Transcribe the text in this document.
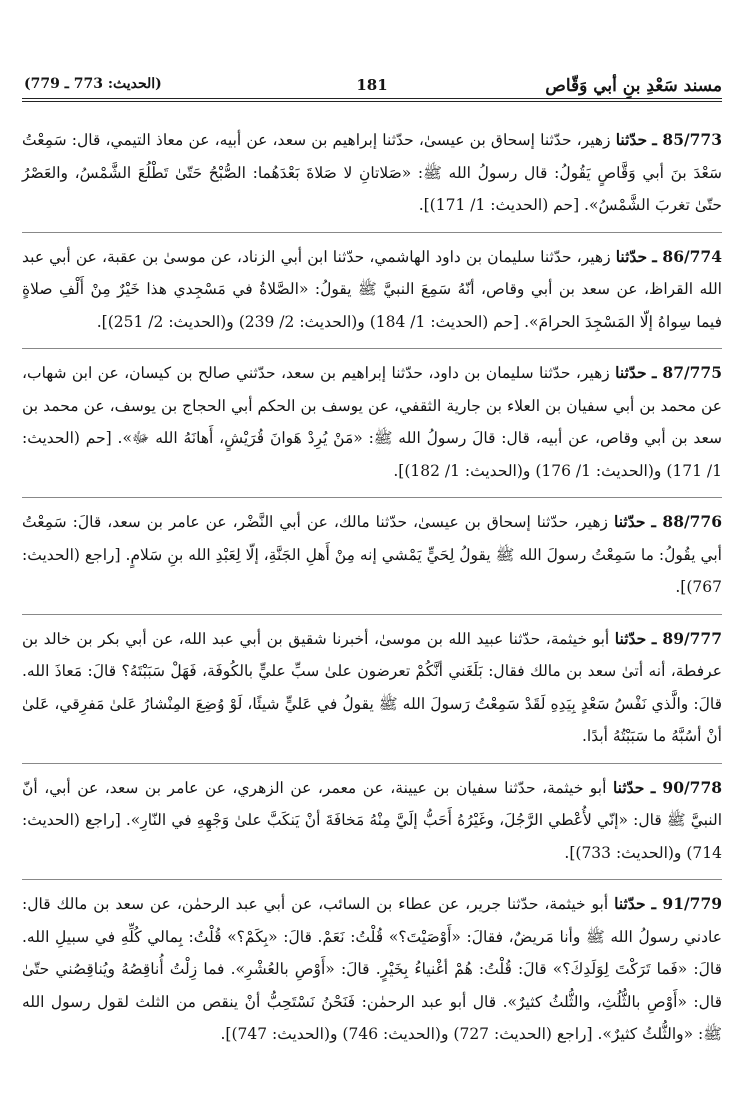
مسند سَعْدِ بنِ أبي وَقّاص
181
(الحديث: 773 ـ 779)

85/773 ـ حدّثنا زهير، حدّثنا إسحاق بن عيسىٰ، حدّثنا إبراهيم بن سعد، عن أبيه، عن معاذ التيمي، قال: سَمِعْتُ سَعْدَ بنَ أبي وَقَّاصٍ يَقُولُ: قال رسولُ الله ﷺ: «صَلاتانِ لا صَلاةَ بَعْدَهُما: الصُّبْحُ حَتّىٰ تَطْلُعَ الشَّمْسُ، والعَصْرُ حتّىٰ تغربَ الشَّمْسُ». [حم (الحديث: 1/ 171)].

86/774 ـ حدّثنا زهير، حدّثنا سليمان بن داود الهاشمي، حدّثنا ابن أبي الزناد، عن موسىٰ بن عقبة، عن أبي عبد الله القراظ، عن سعد بن أبي وقاص، أنّهُ سَمِعَ النبيَّ ﷺ يقولُ: «الصَّلاةُ في مَسْجِدي هذا خَيْرٌ مِنْ أَلْفِ صلاةٍ فيما سِواهُ إلّا المَسْجِدَ الحرامَ». [حم (الحديث: 1/ 184) و(الحديث: 2/ 239) و(الحديث: 2/ 251)].

87/775 ـ حدّثنا زهير، حدّثنا سليمان بن داود، حدّثنا إبراهيم بن سعد، حدّثني صالح بن كيسان، عن ابن شهاب، عن محمد بن أبي سفيان بن العلاء بن جارية الثقفي، عن يوسف بن الحكم أبي الحجاج بن يوسف، عن محمد بن سعد بن أبي وقاص، عن أبيه، قال: قالَ رسولُ الله ﷺ: «مَنْ يُرِدْ هَوانَ قُرَيْشٍ، أَهانَهُ الله ﷻ». [حم (الحديث: 1/ 171) و(الحديث: 1/ 176) و(الحديث: 1/ 182)].

88/776 ـ حدّثنا زهير، حدّثنا إسحاق بن عيسىٰ، حدّثنا مالك، عن أبي النَّضْر، عن عامر بن سعد، قالَ: سَمِعْتُ أبي يقُولُ: ما سَمِعْتُ رسولَ الله ﷺ يقولُ لِحَيٍّ يَمْشي إنه مِنْ أَهلِ الجَنَّةِ، إلّا لِعَبْدِ الله بنِ سَلامٍ. [راجع (الحديث: 767)].

89/777 ـ حدّثنا أبو خيثمة، حدّثنا عبيد الله بن موسىٰ، أخبرنا شقيق بن أبي عبد الله، عن أبي بكر بن خالد بن عرفطة، أنه أتىٰ سعد بن مالك فقال: بَلَغَني أنَّكُمْ تعرضون علىٰ سبِّ عليٍّ بالكُوفَة، فَهَلْ سَبَبْتَهُ؟ قالَ: مَعاذَ الله. قالَ: والَّذي نَفْسُ سَعْدٍ بِيَدِهِ لَقَدْ سَمِعْتُ رَسولَ الله ﷺ يقولُ في عَليٍّ شيئًا، لَوْ وُضِعَ المِنْشارُ عَلىٰ مَفرِقي، عَلىٰ أنْ أسُبَّهُ ما سَبَبْتُهُ أبدًا.

90/778 ـ حدّثنا أبو خيثمة، حدّثنا سفيان بن عيينة، عن معمر، عن الزهري، عن عامر بن سعد، عن أبي، أنّ النبيَّ ﷺ قال: «إنّي لأُعْطي الرَّجُلَ، وغَيْرُهُ أَحَبُّ إلَيَّ مِنْهُ مَخافَةَ أنْ يَنكَبَّ علىٰ وَجْهِهِ في النّارِ». [راجع (الحديث: 714) و(الحديث: 733)].

91/779 ـ حدّثنا أبو خيثمة، حدّثنا جرير، عن عطاء بن السائب، عن أبي عبد الرحمٰن، عن سعد بن مالك قال: عادني رسولُ الله ﷺ وأنا مَريضٌ، فقالَ: «أَوْصَيْتَ؟» قُلْتُ: نَعَمْ. قالَ: «بِكَمْ؟» قُلْتُ: بِمالي كُلِّهِ في سبيلِ الله. قالَ: «فَما تَرَكْتَ لِوَلَدِكَ؟» قالَ: قُلْتُ: هُمْ أغْنياءُ بِخَيْرٍ. قالَ: «أَوْصِ بالعُشْرِ». فما زِلْتُ أُناقِصُهُ ويُناقِصُني حتّىٰ قال: «أَوْصِ بالثُّلُثِ، والثُّلثُ كثيرٌ». قال أبو عبد الرحمٰن: فَنَحْنُ نَسْتَحِبُّ أنْ ينقص من الثلث لقول رسول الله ﷺ: «والثُّلثُ كثيرٌ». [راجع (الحديث: 727) و(الحديث: 746) و(الحديث: 747)].
